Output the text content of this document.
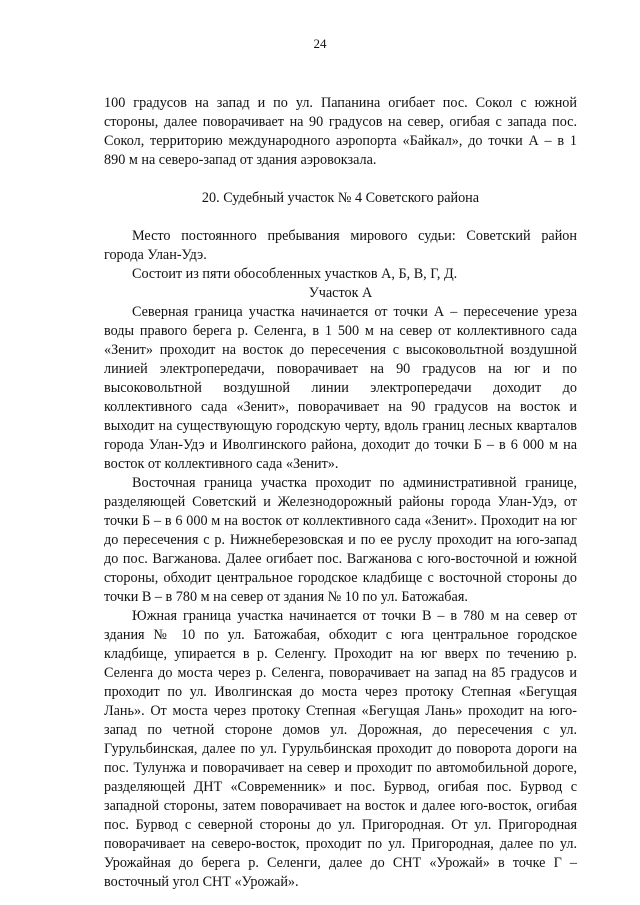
24

100 градусов на запад и по ул. Папанина огибает пос. Сокол с южной стороны, далее поворачивает на 90 градусов на север, огибая с запада пос. Сокол, территорию международного аэропорта «Байкал», до точки А – в 1 890 м на северо-запад от здания аэровокзала.

20. Судебный участок № 4 Советского района

Место постоянного пребывания мирового судьи: Советский район города Улан-Удэ.

Состоит из пяти обособленных участков А, Б, В, Г, Д.

Участок А

Северная граница участка начинается от точки А – пересечение уреза воды правого берега р. Селенга, в 1 500 м на север от коллективного сада «Зенит» проходит на восток до пересечения с высоковольтной воздушной линией электропередачи, поворачивает на 90 градусов на юг и по высоковольтной воздушной линии электропередачи доходит до коллективного сада «Зенит», поворачивает на 90 градусов на восток и выходит на существующую городскую черту, вдоль границ лесных кварталов города Улан-Удэ и Иволгинского района, доходит до точки Б – в 6 000 м на восток от коллективного сада «Зенит».

Восточная граница участка проходит по административной границе, разделяющей Советский и Железнодорожный районы города Улан-Удэ, от точки Б – в 6 000 м на восток от коллективного сада «Зенит». Проходит на юг до пересечения с р. Нижнеберезовская и по ее руслу проходит на юго-запад до пос. Вагжанова. Далее огибает пос. Вагжанова с юго-восточной и южной стороны, обходит центральное городское кладбище с восточной стороны до точки В – в 780 м на север от здания № 10 по ул. Батожабая.

Южная граница участка начинается от точки В – в 780 м на север от здания № 10 по ул. Батожабая, обходит с юга центральное городское кладбище, упирается в р. Селенгу. Проходит на юг вверх по течению р. Селенга до моста через р. Селенга, поворачивает на запад на 85 градусов и проходит по ул. Иволгинская до моста через протоку Степная «Бегущая Лань». От моста через протоку Степная «Бегущая Лань» проходит на юго-запад по четной стороне домов ул. Дорожная, до пересечения с ул. Гурульбинская, далее по ул. Гурульбинская проходит до поворота дороги на пос. Тулунжа и поворачивает на север и проходит по автомобильной дороге, разделяющей ДНТ «Современник» и пос. Бурвод, огибая пос. Бурвод с западной стороны, затем поворачивает на восток и далее юго-восток, огибая пос. Бурвод с северной стороны до ул. Пригородная. От ул. Пригородная поворачивает на северо-восток, проходит по ул. Пригородная, далее по ул. Урожайная до берега р. Селенги, далее до СНТ «Урожай» в точке Г – восточный угол СНТ «Урожай».
